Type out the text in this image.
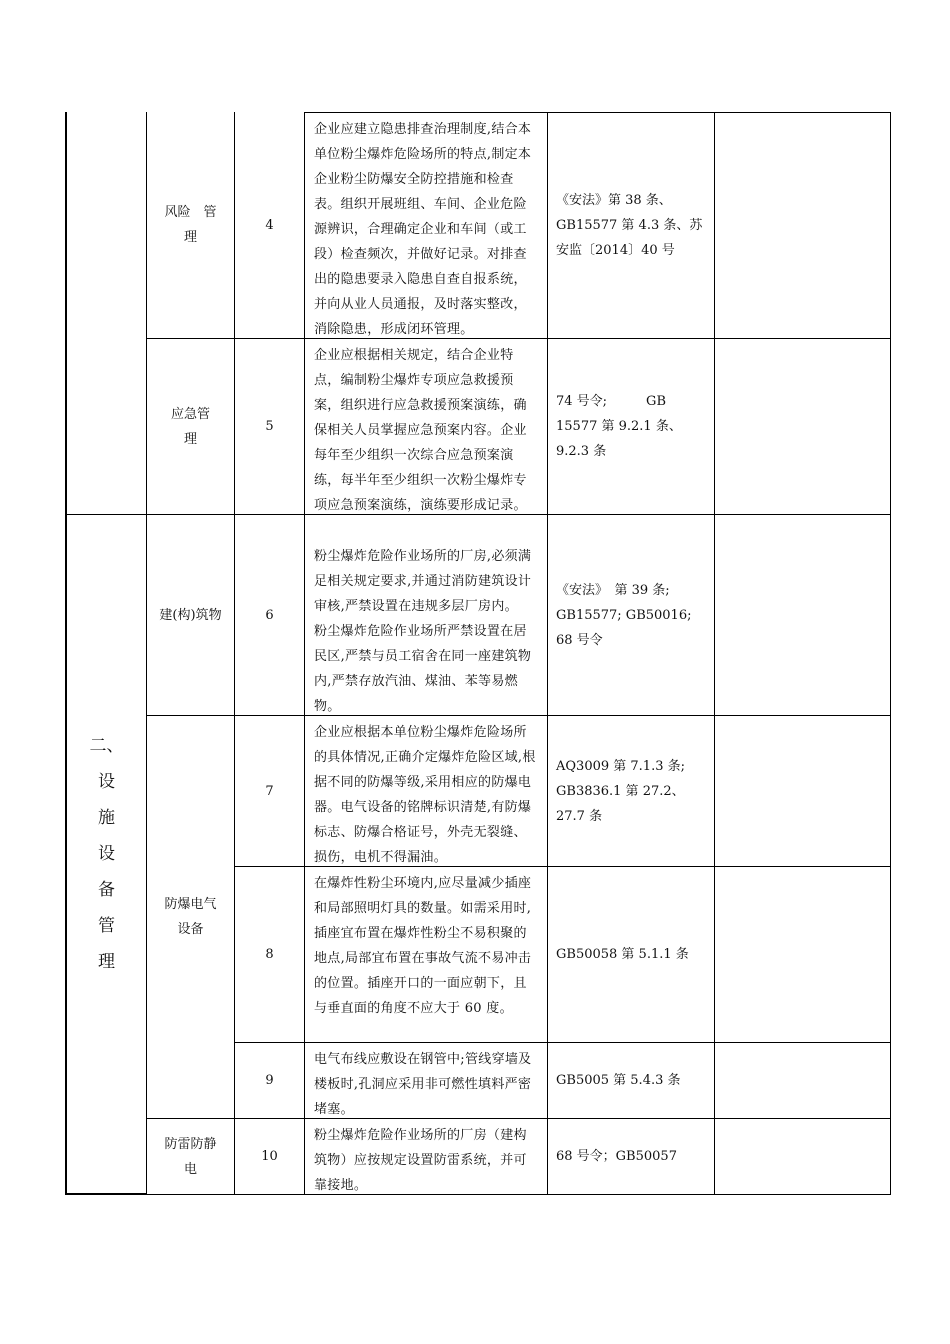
二、
设
施
设
备
管
理
风险　管理
4
企业应建立隐患排查治理制度,结合本单位粉尘爆炸危险场所的特点,制定本企业粉尘防爆安全防控措施和检查表。组织开展班组、车间、企业危险源辨识，合理确定企业和车间（或工段）检查频次，并做好记录。对排查出的隐患要录入隐患自查自报系统，并向从业人员通报，及时落实整改，消除隐患，形成闭环管理。
《安法》第 38 条、GB15577 第 4.3 条、苏安监〔2014〕40 号
应急管理
5
企业应根据相关规定，结合企业特点，编制粉尘爆炸专项应急救援预案，组织进行应急救援预案演练，确保相关人员掌握应急预案内容。企业每年至少组织一次综合应急预案演练，每半年至少组织一次粉尘爆炸专项应急预案演练，演练要形成记录。
74 号令;　　　GB 15577 第 9.2.1 条、9.2.3 条
建(构)筑物	6

粉尘爆炸危险作业场所的厂房,必须满足相关规定要求,并通过消防建筑设计审核,严禁设置在违规多层厂房内。
粉尘爆炸危险作业场所严禁设置在居民区,严禁与员工宿舍在同一座建筑物内,严禁存放汽油、煤油、苯等易燃物。

《安法》　第 39 条;
GB15577; GB50016;
68 号令
防爆电气设备
7
企业应根据本单位粉尘爆炸危险场所的具体情况,正确介定爆炸危险区域,根据不同的防爆等级,采用相应的防爆电器。电气设备的铭牌标识清楚,有防爆标志、防爆合格证号，外壳无裂缝、损伤，电机不得漏油。
AQ3009 第 7.1.3 条;
GB3836.1 第 27.2、27.7 条
8
在爆炸性粉尘环境内,应尽量减少插座和局部照明灯具的数量。如需采用时,插座宜布置在爆炸性粉尘不易积聚的地点,局部宜布置在事故气流不易冲击的位置。插座开口的一面应朝下，且与垂直面的角度不应大于 60 度。
GB50058 第 5.1.1 条
9
电气布线应敷设在钢管中;管线穿墙及楼板时,孔洞应采用非可燃性填料严密堵塞。
GB5005 第 5.4.3 条
防雷防静电
10
粉尘爆炸危险作业场所的厂房（建构筑物）应按规定设置防雷系统，并可靠接地。
68 号令；GB50057
